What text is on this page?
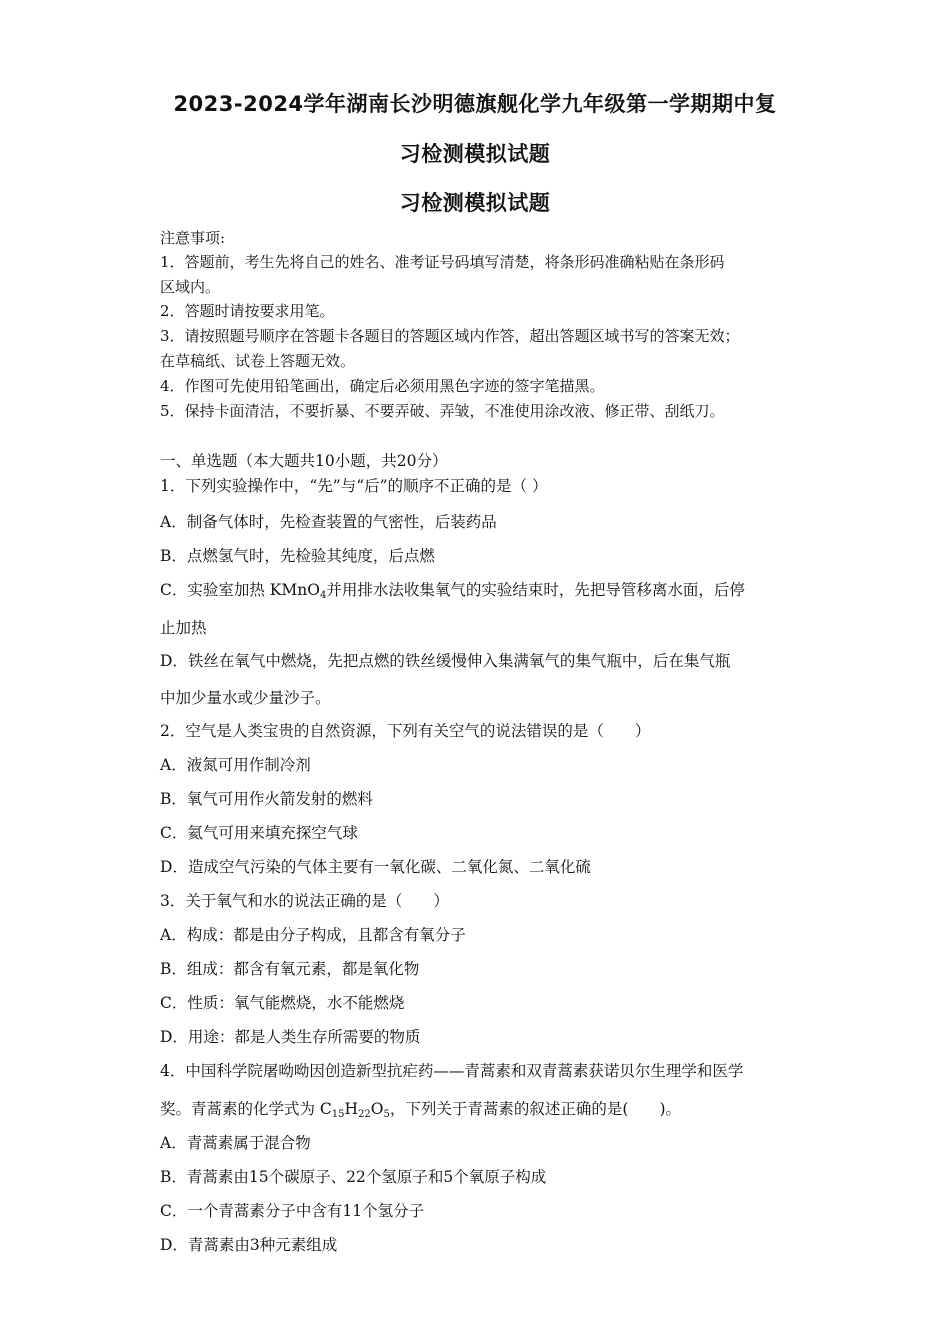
2023-2024学年湖南长沙明德旗舰化学九年级第一学期期中复
习检测模拟试题
习检测模拟试题
注意事项:
1．答题前，考生先将自己的姓名、准考证号码填写清楚，将条形码准确粘贴在条形码
区域内。
2．答题时请按要求用笔。
3．请按照题号顺序在答题卡各题目的答题区域内作答，超出答题区域书写的答案无效；
在草稿纸、试卷上答题无效。
4．作图可先使用铅笔画出，确定后必须用黑色字迹的签字笔描黑。
5．保持卡面清洁，不要折暴、不要弄破、弄皱，不准使用涂改液、修正带、刮纸刀。
一、单选题（本大题共10小题，共20分）
1．下列实验操作中，“先”与“后”的顺序不正确的是（ ）
A．制备气体时，先检查装置的气密性，后装药品
B．点燃氢气时，先检验其纯度，后点燃
C．实验室加热 KMnO$_4$并用排水法收集氧气的实验结束时，先把导管移离水面，后停
止加热
D．铁丝在氧气中燃烧，先把点燃的铁丝缓慢伸入集满氧气的集气瓶中，后在集气瓶
中加少量水或少量沙子。
2．空气是人类宝贵的自然资源，下列有关空气的说法错误的是（　　）
A．液氮可用作制冷剂
B．氧气可用作火箭发射的燃料
C．氦气可用来填充探空气球
D．造成空气污染的气体主要有一氧化碳、二氧化氮、二氧化硫
3．关于氧气和水的说法正确的是（　　）
A．构成：都是由分子构成，且都含有氧分子
B．组成：都含有氧元素，都是氧化物
C．性质：氧气能燃烧，水不能燃烧
D．用途：都是人类生存所需要的物质
4．中国科学院屠呦呦因创造新型抗疟药——青蒿素和双青蒿素获诺贝尔生理学和医学
奖。青蒿素的化学式为 $C_{15}H_{22}O_5$，下列关于青蒿素的叙述正确的是(　　)。
A．青蒿素属于混合物
B．青蒿素由15个碳原子、22个氢原子和5个氧原子构成
C．一个青蒿素分子中含有11个氢分子
D．青蒿素由3种元素组成
